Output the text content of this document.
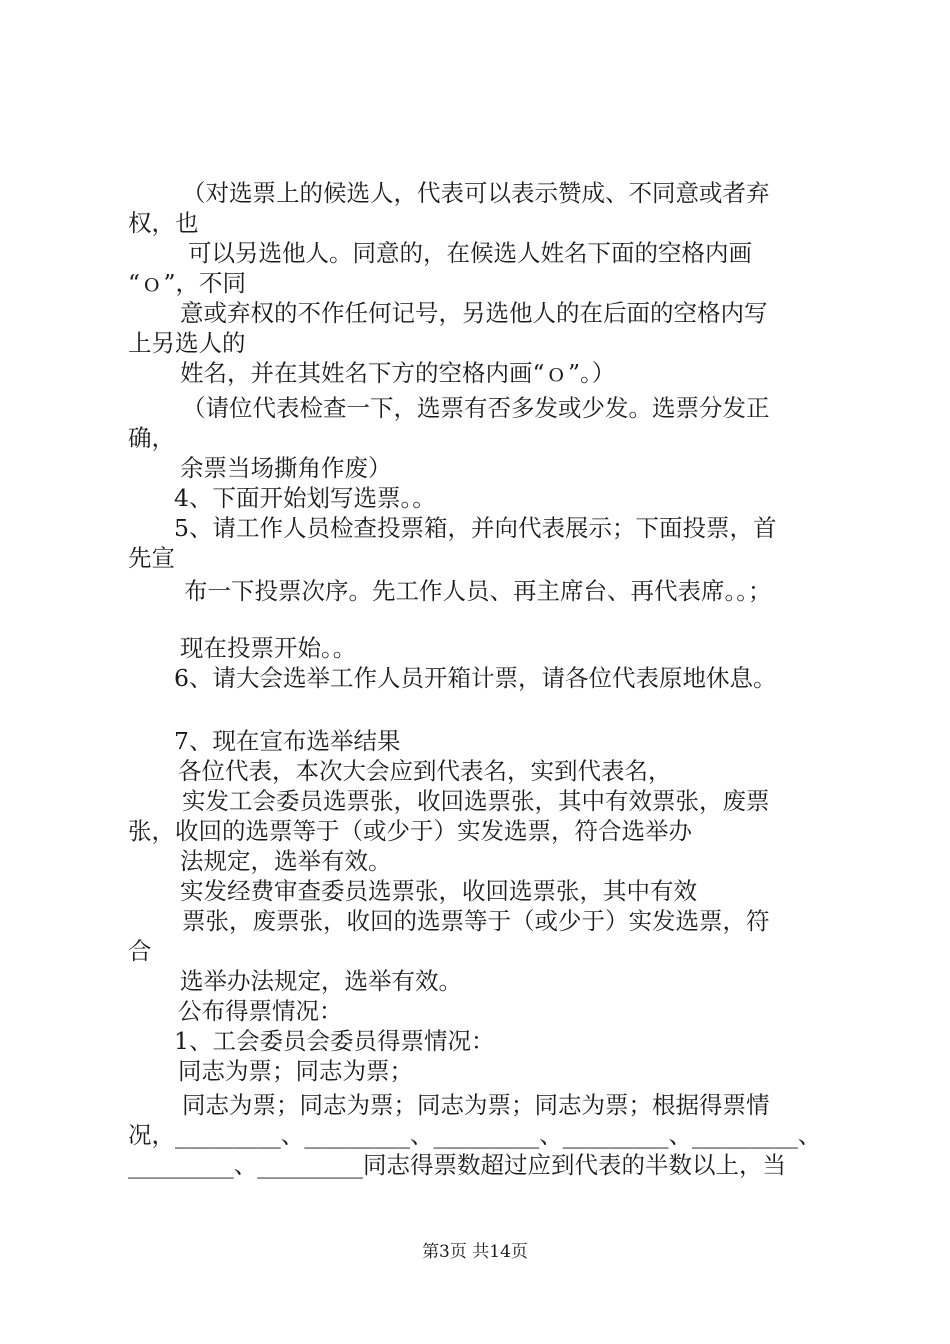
（对选票上的候选人，代表可以表示赞成、不同意或者弃
权，也
可以另选他人。同意的，在候选人姓名下面的空格内画
“ｏ”，不同
意或弃权的不作任何记号，另选他人的在后面的空格内写
上另选人的
姓名，并在其姓名下方的空格内画“ｏ”。）
（请位代表检查一下，选票有否多发或少发。选票分发正
确，
余票当场撕角作废）
4、下面开始划写选票。。
5、请工作人员检查投票箱，并向代表展示；下面投票，首
先宣
布一下投票次序。先工作人员、再主席台、再代表席。。；
现在投票开始。。
6、请大会选举工作人员开箱计票，请各位代表原地休息。
7、现在宣布选举结果
各位代表，本次大会应到代表名，实到代表名，
实发工会委员选票张，收回选票张，其中有效票张，废票
张，收回的选票等于（或少于）实发选票，符合选举办
法规定，选举有效。
实发经费审查委员选票张，收回选票张，其中有效
票张，废票张，收回的选票等于（或少于）实发选票，符
合
选举办法规定，选举有效。
公布得票情况：
1、工会委员会委员得票情况：
同志为票；同志为票；
同志为票；同志为票；同志为票；同志为票；根据得票情
况，_________、_________、_________、_________、_________、
_________、_________同志得票数超过应到代表的半数以上，当
第3页 共14页
